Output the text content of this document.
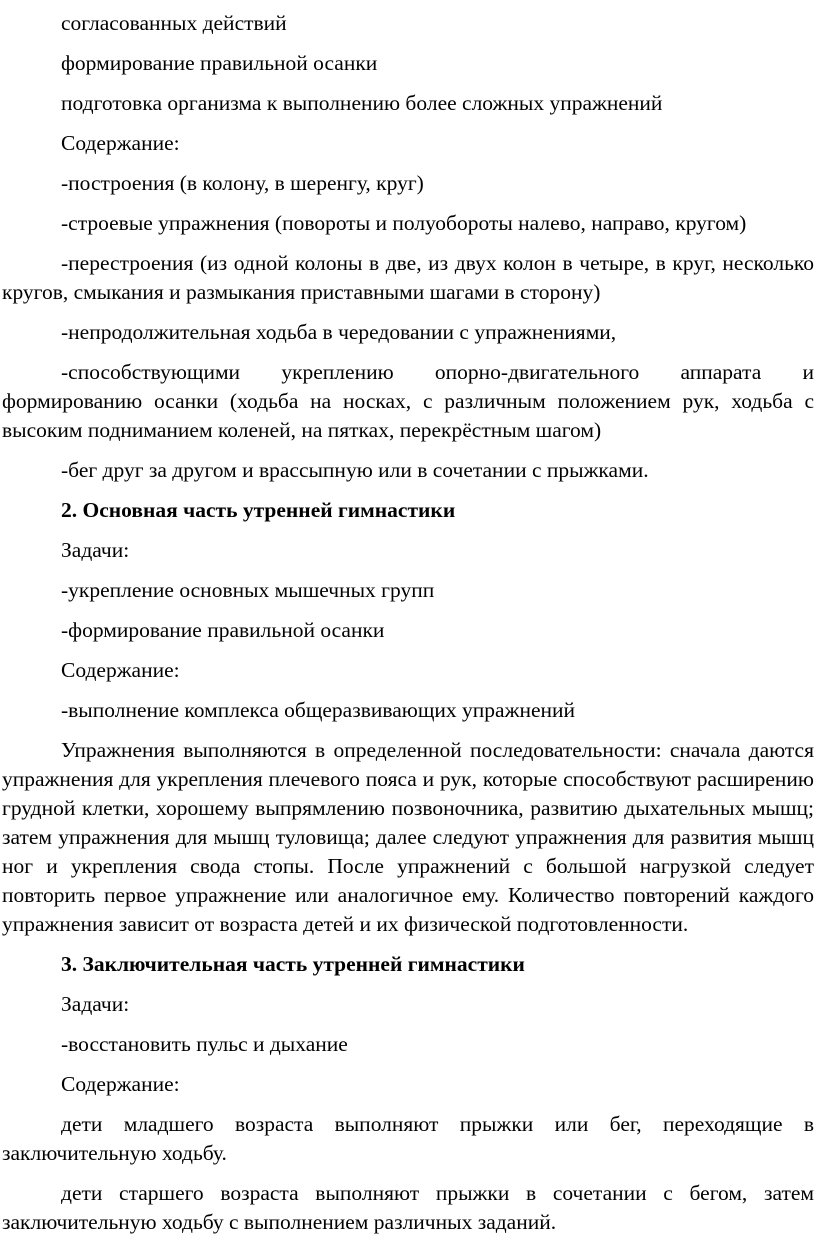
согласованных действий

формирование правильной осанки

подготовка организма к выполнению более сложных упражнений

Содержание:

-построения (в колону, в шеренгу, круг)

-строевые упражнения (повороты и полуобороты налево, направо, кругом)

-перестроения (из одной колоны в две, из двух колон в четыре, в круг, несколько кругов, смыкания и размыкания приставными шагами в сторону)

-непродолжительная ходьба в чередовании с упражнениями,

-способствующими укреплению опорно-двигательного аппарата и формированию осанки (ходьба на носках, с различным положением рук, ходьба с высоким подниманием коленей, на пятках, перекрёстным шагом)

-бег друг за другом и врассыпную или в сочетании с прыжками.

2. Основная часть утренней гимнастики

Задачи:

-укрепление основных мышечных групп

-формирование правильной осанки

Содержание:

-выполнение комплекса общеразвивающих упражнений

Упражнения выполняются в определенной последовательности: сначала даются упражнения для укрепления плечевого пояса и рук, которые способствуют расширению грудной клетки, хорошему выпрямлению позвоночника, развитию дыхательных мышц; затем упражнения для мышц туловища; далее следуют упражнения для развития мышц ног и укрепления свода стопы. После упражнений с большой нагрузкой следует повторить первое упражнение или аналогичное ему. Количество повторений каждого упражнения зависит от возраста детей и их физической подготовленности.

3. Заключительная часть утренней гимнастики

Задачи:

-восстановить пульс и дыхание

Содержание:

дети младшего возраста выполняют прыжки или бег, переходящие в заключительную ходьбу.

дети старшего возраста выполняют прыжки в сочетании с бегом, затем заключительную ходьбу с выполнением различных заданий.
